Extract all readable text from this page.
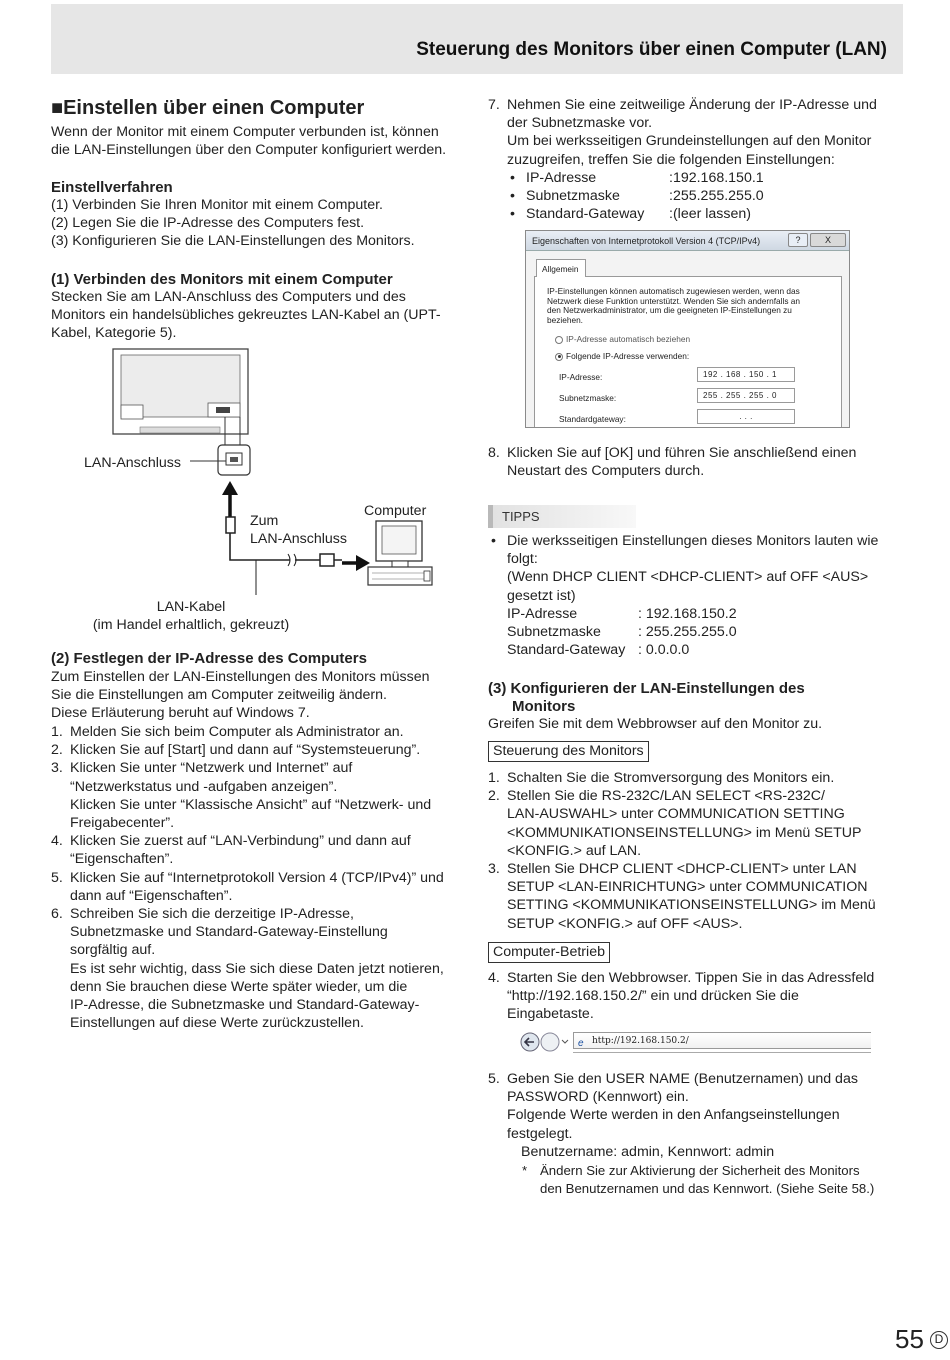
Steuerung des Monitors über einen Computer (LAN)
■Einstellen über einen Computer
Wenn der Monitor mit einem Computer verbunden ist, können
die LAN-Einstellungen über den Computer konfiguriert werden.
Einstellverfahren
(1) Verbinden Sie Ihren Monitor mit einem Computer.
(2) Legen Sie die IP-Adresse des Computers fest.
(3) Konfigurieren Sie die LAN-Einstellungen des Monitors.
(1) Verbinden des Monitors mit einem Computer
Stecken Sie am LAN-Anschluss des Computers und des
Monitors ein handelsübliches gekreuztes LAN-Kabel an (UPT-
Kabel, Kategorie 5).
LAN-Anschluss
Zum
LAN-Anschluss
Computer
LAN-Kabel
(im Handel erhaltlich, gekreuzt)
(2) Festlegen der IP-Adresse des Computers
Zum Einstellen der LAN-Einstellungen des Monitors müssen
Sie die Einstellungen am Computer zeitweilig ändern.
Diese Erläuterung beruht auf Windows 7.
1. Melden Sie sich beim Computer als Administrator an.
2. Klicken Sie auf [Start] und dann auf “Systemsteuerung”.
3. Klicken Sie unter “Netzwerk und Internet” auf
“Netzwerkstatus und -aufgaben anzeigen”.
Klicken Sie unter “Klassische Ansicht” auf “Netzwerk- und
Freigabecenter”.
4. Klicken Sie zuerst auf “LAN-Verbindung” und dann auf
“Eigenschaften”.
5. Klicken Sie auf “Internetprotokoll Version 4 (TCP/IPv4)” und
dann auf “Eigenschaften”.
6. Schreiben Sie sich die derzeitige IP-Adresse,
Subnetzmaske und Standard-Gateway-Einstellung
sorgfältig auf.
Es ist sehr wichtig, dass Sie sich diese Daten jetzt notieren,
denn Sie brauchen diese Werte später wieder, um die
IP-Adresse, die Subnetzmaske und Standard-Gateway-
Einstellungen auf diese Werte zurückzustellen.
7. Nehmen Sie eine zeitweilige Änderung der IP-Adresse und
der Subnetzmaske vor.
Um bei werksseitigen Grundeinstellungen auf den Monitor
zuzugreifen, treffen Sie die folgenden Einstellungen:
• IP-Adresse	:192.168.150.1
• Subnetzmaske	:255.255.255.0
• Standard-Gateway :(leer lassen)
Eigenschaften von Internetprotokoll Version 4 (TCP/IPv4)	?	X
IP-Einstellungen können automatisch zugewiesen werden, wenn das
Netzwerk diese Funktion unterstützt. Wenden Sie sich andernfalls an
den Netzwerkadministrator, um die geeigneten IP-Einstellungen zu
beziehen.
IP-Adresse automatisch beziehen
Folgende IP-Adresse verwenden:
IP-Adresse:	192 . 168 . 150 . 1
Subnetzmaske:	255 . 255 . 255 . 0
Standardgateway:	. . .
Allgemein
8. Klicken Sie auf [OK] und führen Sie anschließend einen
Neustart des Computers durch.
TIPPS
• Die werksseitigen Einstellungen dieses Monitors lauten wie
folgt:
(Wenn DHCP CLIENT <DHCP-CLIENT> auf OFF <AUS>
gesetzt ist)
IP-Adresse	: 192.168.150.2
Subnetzmaske	: 255.255.255.0
Standard-Gateway : 0.0.0.0
(3) Konfigurieren der LAN-Einstellungen des
Monitors
Greifen Sie mit dem Webbrowser auf den Monitor zu.
Steuerung des Monitors
1. Schalten Sie die Stromversorgung des Monitors ein.
2. Stellen Sie die RS-232C/LAN SELECT <RS-232C/
LAN-AUSWAHL> unter COMMUNICATION SETTING
<KOMMUNIKATIONSEINSTELLUNG> im Menü SETUP
<KONFIG.> auf LAN.
3. Stellen Sie DHCP CLIENT <DHCP-CLIENT> unter LAN
SETUP <LAN-EINRICHTUNG> unter COMMUNICATION
SETTING <KOMMUNIKATIONSEINSTELLUNG> im Menü
SETUP <KONFIG.> auf OFF <AUS>.
Computer-Betrieb
4. Starten Sie den Webbrowser. Tippen Sie in das Adressfeld
“http://192.168.150.2/” ein und drücken Sie die
Eingabetaste.
e http://192.168.150.2/
5. Geben Sie den USER NAME (Benutzernamen) und das
PASSWORD (Kennwort) ein.
Folgende Werte werden in den Anfangseinstellungen
festgelegt.
Benutzername: admin, Kennwort: admin
* Ändern Sie zur Aktivierung der Sicherheit des Monitors
den Benutzernamen und das Kennwort. (Siehe Seite 58.)
55 D
